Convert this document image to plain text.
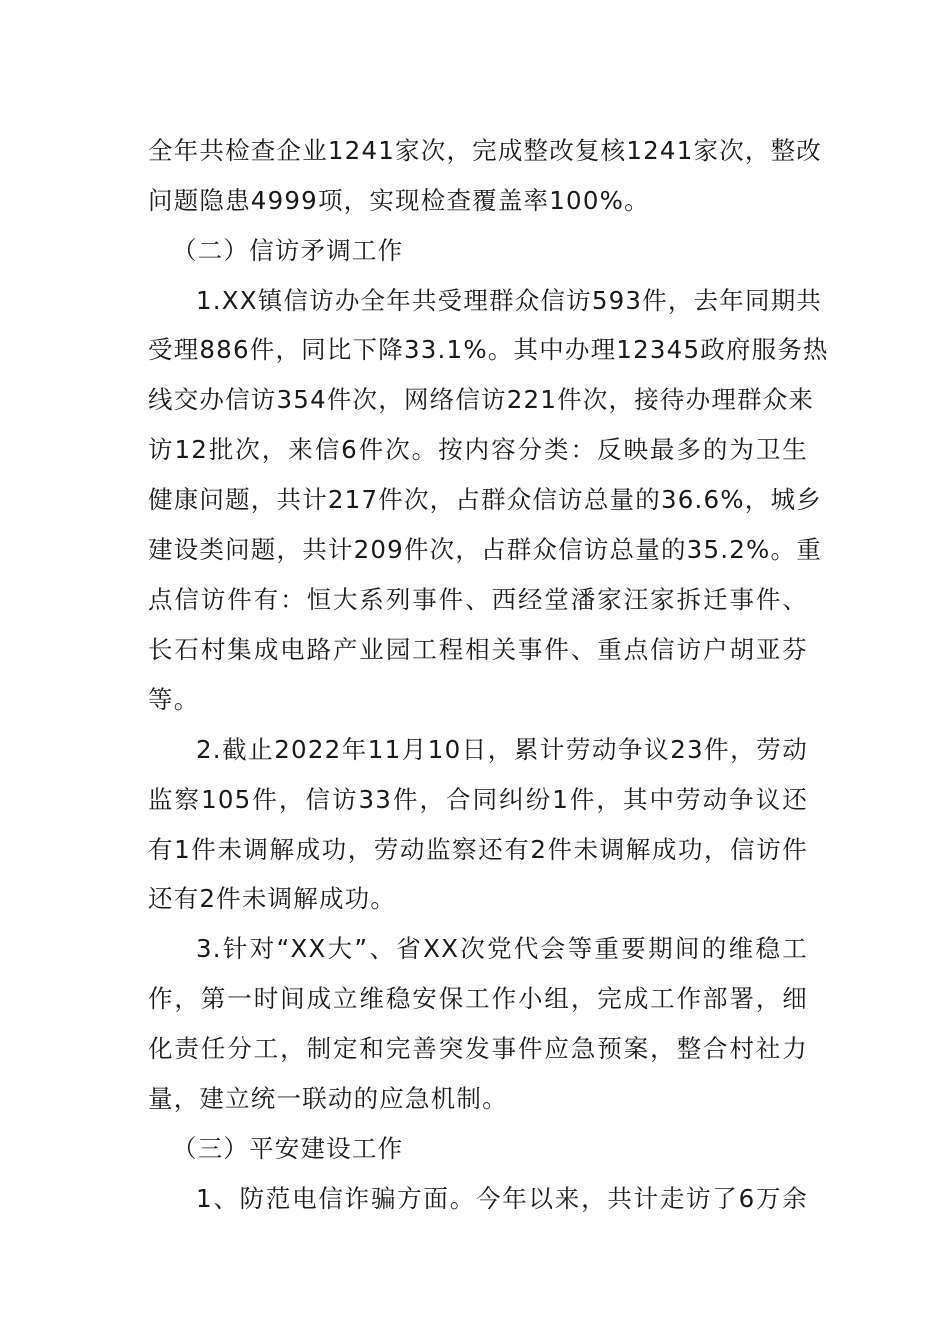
全年共检查企业1241家次，完成整改复核1241家次，整改
问题隐患4999项，实现检查覆盖率100%。
（二）信访矛调工作
1.XX镇信访办全年共受理群众信访593件，去年同期共
受理886件，同比下降33.1%。其中办理12345政府服务热
线交办信访354件次，网络信访221件次，接待办理群众来
访12批次，来信6件次。按内容分类：反映最多的为卫生
健康问题，共计217件次，占群众信访总量的36.6%，城乡
建设类问题，共计209件次，占群众信访总量的35.2%。重
点信访件有：恒大系列事件、西经堂潘家汪家拆迁事件、
长石村集成电路产业园工程相关事件、重点信访户胡亚芬
等。
2.截止2022年11月10日，累计劳动争议23件，劳动
监察105件，信访33件，合同纠纷1件，其中劳动争议还
有1件未调解成功，劳动监察还有2件未调解成功，信访件
还有2件未调解成功。
3.针对“XX大”、省XX次党代会等重要期间的维稳工
作，第一时间成立维稳安保工作小组，完成工作部署，细
化责任分工，制定和完善突发事件应急预案，整合村社力
量，建立统一联动的应急机制。
（三）平安建设工作
1、防范电信诈骗方面。今年以来，共计走访了6万余
